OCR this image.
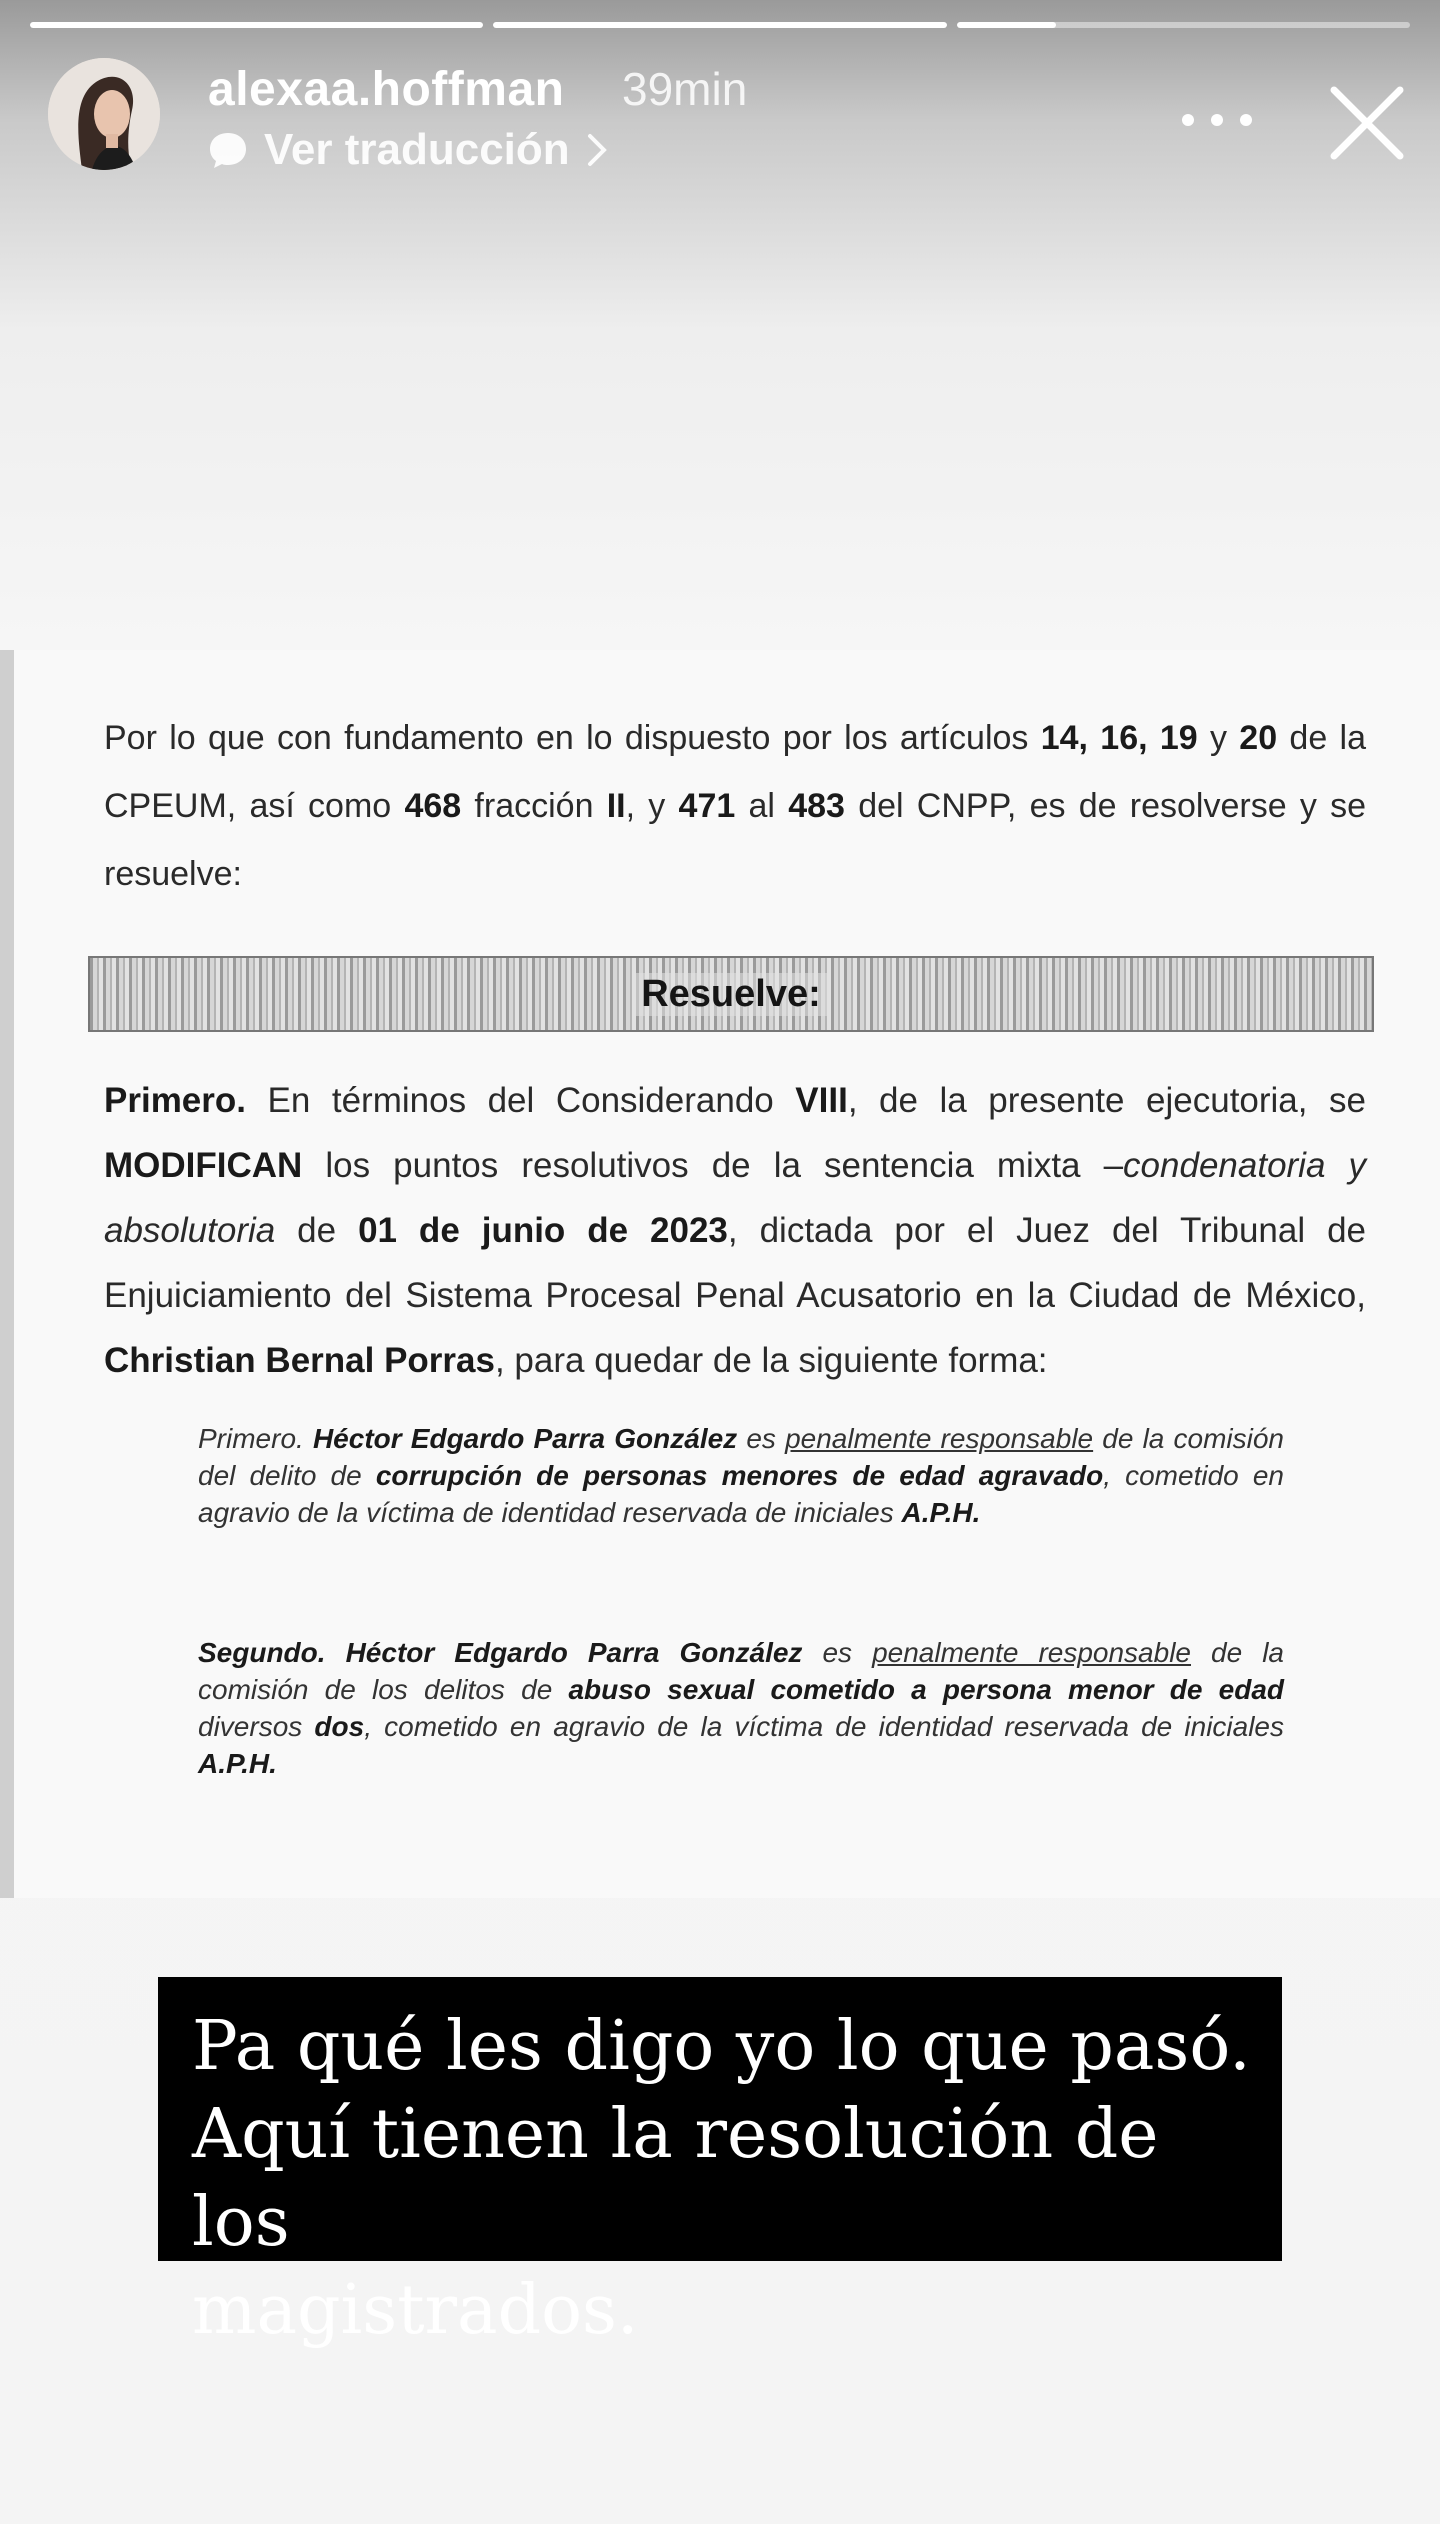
alexaa.hoffman 39min
Ver traducción
Por lo que con fundamento en lo dispuesto por los artículos 14, 16, 19 y 20 de la CPEUM, así como 468 fracción II, y 471 al 483 del CNPP, es de resolverse y se resuelve:
Resuelve:
Primero. En términos del Considerando VIII, de la presente ejecutoria, se MODIFICAN los puntos resolutivos de la sentencia mixta –condenatoria y absolutoria de 01 de junio de 2023, dictada por el Juez del Tribunal de Enjuiciamiento del Sistema Procesal Penal Acusatorio en la Ciudad de México, Christian Bernal Porras, para quedar de la siguiente forma:
Primero. Héctor Edgardo Parra González es penalmente responsable de la comisión del delito de corrupción de personas menores de edad agravado, cometido en agravio de la víctima de identidad reservada de iniciales A.P.H.
Segundo. Héctor Edgardo Parra González es penalmente responsable de la comisión de los delitos de abuso sexual cometido a persona menor de edad diversos dos, cometido en agravio de la víctima de identidad reservada de iniciales A.P.H.
Pa qué les digo yo lo que pasó.
Aquí tienen la resolución de los
magistrados.
